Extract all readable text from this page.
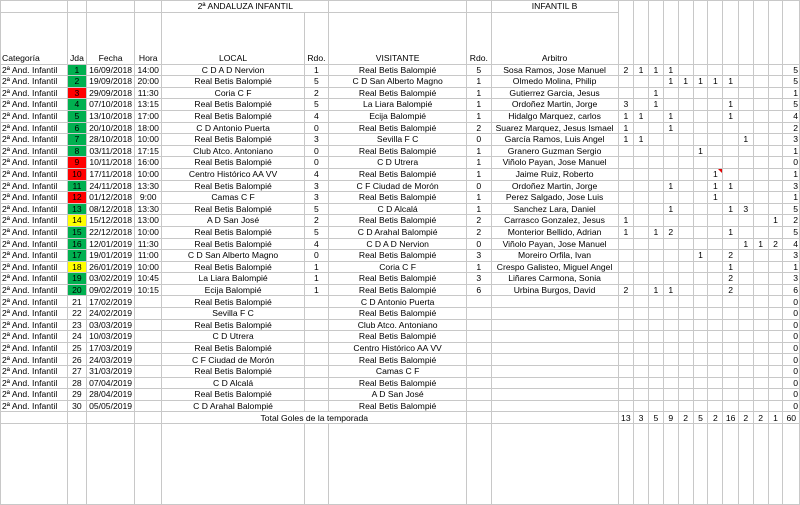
				2ª ANDALUZA INFANTIL				INFANTIL B							Javi		Adri

Categoría	Jda	Fecha	Hora	LOCAL	Rdo.	VISITANTE	Rdo.	Arbitro												
2ª And. Infantil	1	16/09/2018	14:00	C D A D Nervion	1	Real Betis Balompié	5	Sosa Ramos, Jose Manuel	2	1	1	1								5
2ª And. Infantil	2	19/09/2018	20:00	Real Betis Balompié	5	C D San Alberto Magno	1	Olmedo Molina, Philip				1	1	1	1	1				5
2ª And. Infantil	3	29/09/2018	11:30	Coria C F	2	Real Betis Balompié	1	Gutierrez Garcia, Jesus			1									1
2ª And. Infantil	4	07/10/2018	13:15	Real Betis Balompié	5	La Liara Balompié	1	Ordoñez Martin, Jorge	3		1					1				5
2ª And. Infantil	5	13/10/2018	17:00	Real Betis Balompié	4	Ecija Balompié	1	Hidalgo Marquez, carlos	1	1		1				1				4
2ª And. Infantil	6	20/10/2018	18:00	C D Antonio Puerta	0	Real Betis Balompié	2	Suarez Marquez, Jesus Ismael	1			1								2
2ª And. Infantil	7	28/10/2018	10:00	Real Betis Balompié	3	Sevilla F C	0	García Ramos, Luis Angel	1	1							1			3
2ª And. Infantil	8	03/11/2018	17:15	Club Atco. Antoniano	0	Real Betis Balompié	1	Granero Guzman Sergio						1						1
2ª And. Infantil	9	10/11/2018	16:00	Real Betis Balompié	0	C D Utrera	1	Viñolo Payan, Jose Manuel												0
2ª And. Infantil	10	17/11/2018	10:00	Centro Histórico AA VV	4	Real Betis Balompié	1	Jaime Ruiz, Roberto							1					1
2ª And. Infantil	11	24/11/2018	13:30	Real Betis Balompié	3	C F Ciudad de Morón	0	Ordoñez Martin, Jorge				1			1	1				3
2ª And. Infantil	12	01/12/2018	9:00	Camas C F	3	Real Betis Balompié	1	Perez Salgado, Jose Luis							1					1
2ª And. Infantil	13	08/12/2018	13:30	Real Betis Balompié	5	C D Alcalá	1	Sanchez Lara, Daniel				1				1	3			5
2ª And. Infantil	14	15/12/2018	13:00	A D San José	2	Real Betis Balompié	2	Carrasco Gonzalez, Jesus	1										1	2
2ª And. Infantil	15	22/12/2018	10:00	Real Betis Balompié	5	C D Arahal Balompié	2	Monterior Bellido, Adrian	1		1	2				1				5
2ª And. Infantil	16	12/01/2019	11:30	Real Betis Balompié	4	C D A D Nervion	0	Viñolo Payan, Jose Manuel									1	1	2	4
2ª And. Infantil	17	19/01/2019	11:00	C D San Alberto Magno	0	Real Betis Balompié	3	Moreiro Orfila, Ivan						1		2				3
2ª And. Infantil	18	26/01/2019	10:00	Real Betis Balompié	1	Coria C F	1	Crespo Galisteo, Miguel Angel								1				1
2ª And. Infantil	19	03/02/2019	10:45	La Liara Balompié	1	Real Betis Balompié	3	Liñares Carmona, Sonia								2				3
2ª And. Infantil	20	09/02/2019	10:15	Ecija Balompié	1	Real Betis Balompié	6	Urbina Burgos, David	2		1	1				2				6
2ª And. Infantil	21	17/02/2019		Real Betis Balompié		C D Antonio Puerta														0
2ª And. Infantil	22	24/02/2019		Sevilla F C		Real Betis Balompié														0
2ª And. Infantil	23	03/03/2019		Real Betis Balompié		Club Atco. Antoniano														0
2ª And. Infantil	24	10/03/2019		C D Utrera		Real Betis Balompié														0
2ª And. Infantil	25	17/03/2019		Real Betis Balompié		Centro Histórico AA VV														0
2ª And. Infantil	26	24/03/2019		C F Ciudad de Morón		Real Betis Balompié														0
2ª And. Infantil	27	31/03/2019		Real Betis Balompié		Camas C F														0
2ª And. Infantil	28	07/04/2019		C D Alcalá		Real Betis Balompié														0
2ª And. Infantil	29	28/04/2019		Real Betis Balompié		A D San José														0
2ª And. Infantil	30	05/05/2019		C D Arahal Balompié		Real Betis Balompié														0
				Total Goles de la temporada					13	3	5	9	2	5	2	16	2	2	1	60

Javi		Adri
